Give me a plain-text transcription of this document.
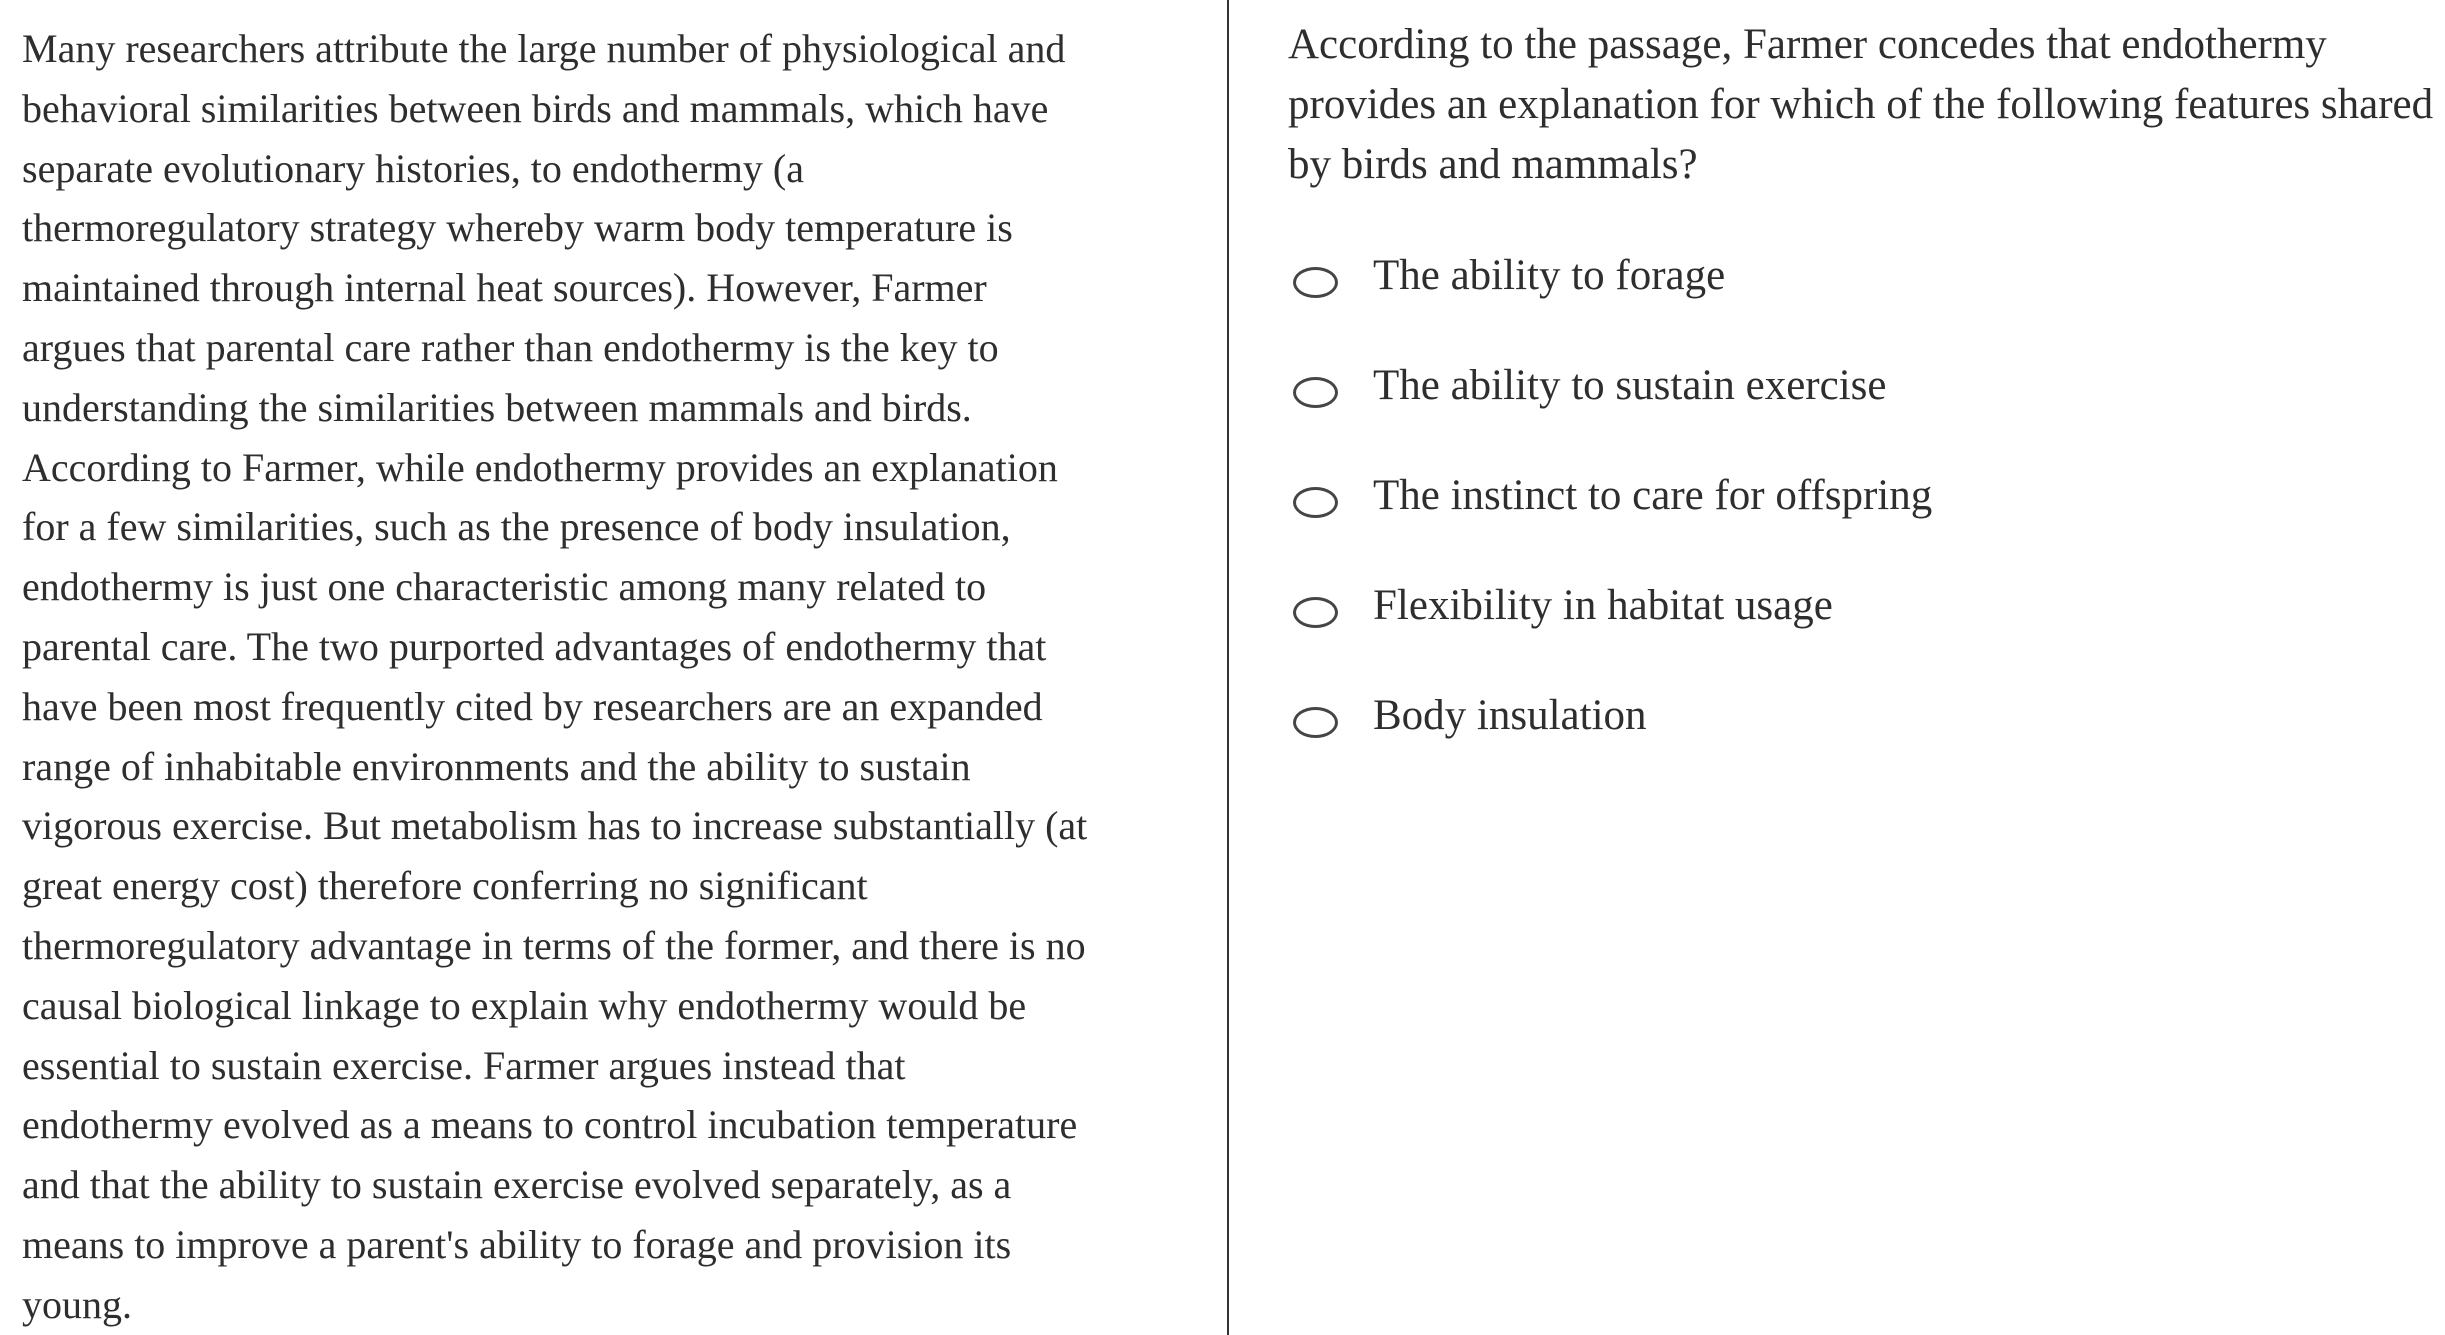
Many researchers attribute the large number of physiological and
behavioral similarities between birds and mammals, which have
separate evolutionary histories, to endothermy (a
thermoregulatory strategy whereby warm body temperature is
maintained through internal heat sources). However, Farmer
argues that parental care rather than endothermy is the key to
understanding the similarities between mammals and birds.
According to Farmer, while endothermy provides an explanation
for a few similarities, such as the presence of body insulation,
endothermy is just one characteristic among many related to
parental care. The two purported advantages of endothermy that
have been most frequently cited by researchers are an expanded
range of inhabitable environments and the ability to sustain
vigorous exercise. But metabolism has to increase substantially (at
great energy cost) therefore conferring no significant
thermoregulatory advantage in terms of the former, and there is no
causal biological linkage to explain why endothermy would be
essential to sustain exercise. Farmer argues instead that
endothermy evolved as a means to control incubation temperature
and that the ability to sustain exercise evolved separately, as a
means to improve a parent's ability to forage and provision its
young.
According to the passage, Farmer concedes that endothermy
provides an explanation for which of the following features shared
by birds and mammals?
The ability to forage
The ability to sustain exercise
The instinct to care for offspring
Flexibility in habitat usage
Body insulation
